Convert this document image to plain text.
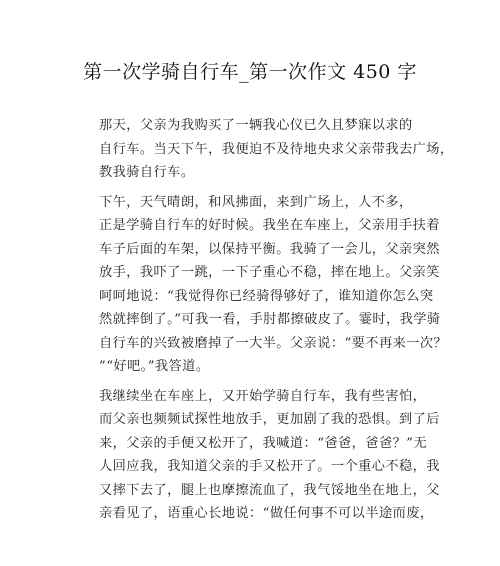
第一次学骑自行车_第一次作文 450 字
那天，父亲为我购买了一辆我心仪已久且梦寐以求的
自行车。当天下午，我便迫不及待地央求父亲带我去广场，
教我骑自行车。
下午，天气晴朗，和风拂面，来到广场上，人不多，
正是学骑自行车的好时候。我坐在车座上，父亲用手扶着
车子后面的车架，以保持平衡。我骑了一会儿，父亲突然
放手，我吓了一跳，一下子重心不稳，摔在地上。父亲笑
呵呵地说：“我觉得你已经骑得够好了，谁知道你怎么突
然就摔倒了。”可我一看，手肘都擦破皮了。霎时，我学骑
自行车的兴致被磨掉了一大半。父亲说：“要不再来一次？
”“好吧。”我答道。
我继续坐在车座上，又开始学骑自行车，我有些害怕，
而父亲也频频试探性地放手，更加剧了我的恐惧。到了后
来，父亲的手便又松开了，我喊道：“爸爸，爸爸？”无
人回应我，我知道父亲的手又松开了。一个重心不稳，我
又摔下去了，腿上也摩擦流血了，我气馁地坐在地上，父
亲看见了，语重心长地说：“做任何事不可以半途而废，
